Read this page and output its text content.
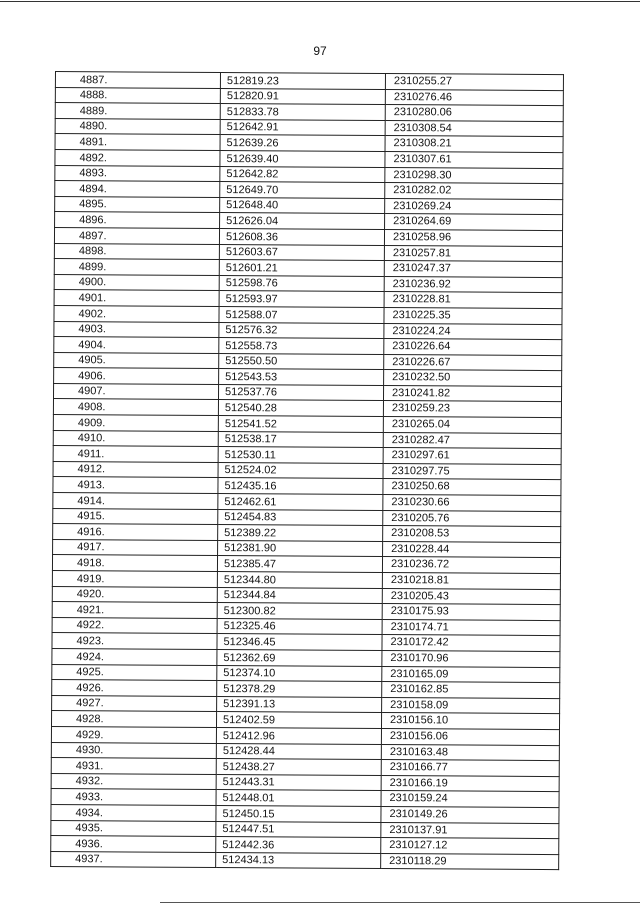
97
4887.	512819.23	2310255.27
4888.	512820.91	2310276.46
4889.	512833.78	2310280.06
4890.	512642.91	2310308.54
4891.	512639.26	2310308.21
4892.	512639.40	2310307.61
4893.	512642.82	2310298.30
4894.	512649.70	2310282.02
4895.	512648.40	2310269.24
4896.	512626.04	2310264.69
4897.	512608.36	2310258.96
4898.	512603.67	2310257.81
4899.	512601.21	2310247.37
4900.	512598.76	2310236.92
4901.	512593.97	2310228.81
4902.	512588.07	2310225.35
4903.	512576.32	2310224.24
4904.	512558.73	2310226.64
4905.	512550.50	2310226.67
4906.	512543.53	2310232.50
4907.	512537.76	2310241.82
4908.	512540.28	2310259.23
4909.	512541.52	2310265.04
4910.	512538.17	2310282.47
4911.	512530.11	2310297.61
4912.	512524.02	2310297.75
4913.	512435.16	2310250.68
4914.	512462.61	2310230.66
4915.	512454.83	2310205.76
4916.	512389.22	2310208.53
4917.	512381.90	2310228.44
4918.	512385.47	2310236.72
4919.	512344.80	2310218.81
4920.	512344.84	2310205.43
4921.	512300.82	2310175.93
4922.	512325.46	2310174.71
4923.	512346.45	2310172.42
4924.	512362.69	2310170.96
4925.	512374.10	2310165.09
4926.	512378.29	2310162.85
4927.	512391.13	2310158.09
4928.	512402.59	2310156.10
4929.	512412.96	2310156.06
4930.	512428.44	2310163.48
4931.	512438.27	2310166.77
4932.	512443.31	2310166.19
4933.	512448.01	2310159.24
4934.	512450.15	2310149.26
4935.	512447.51	2310137.91
4936.	512442.36	2310127.12
4937.	512434.13	2310118.29
